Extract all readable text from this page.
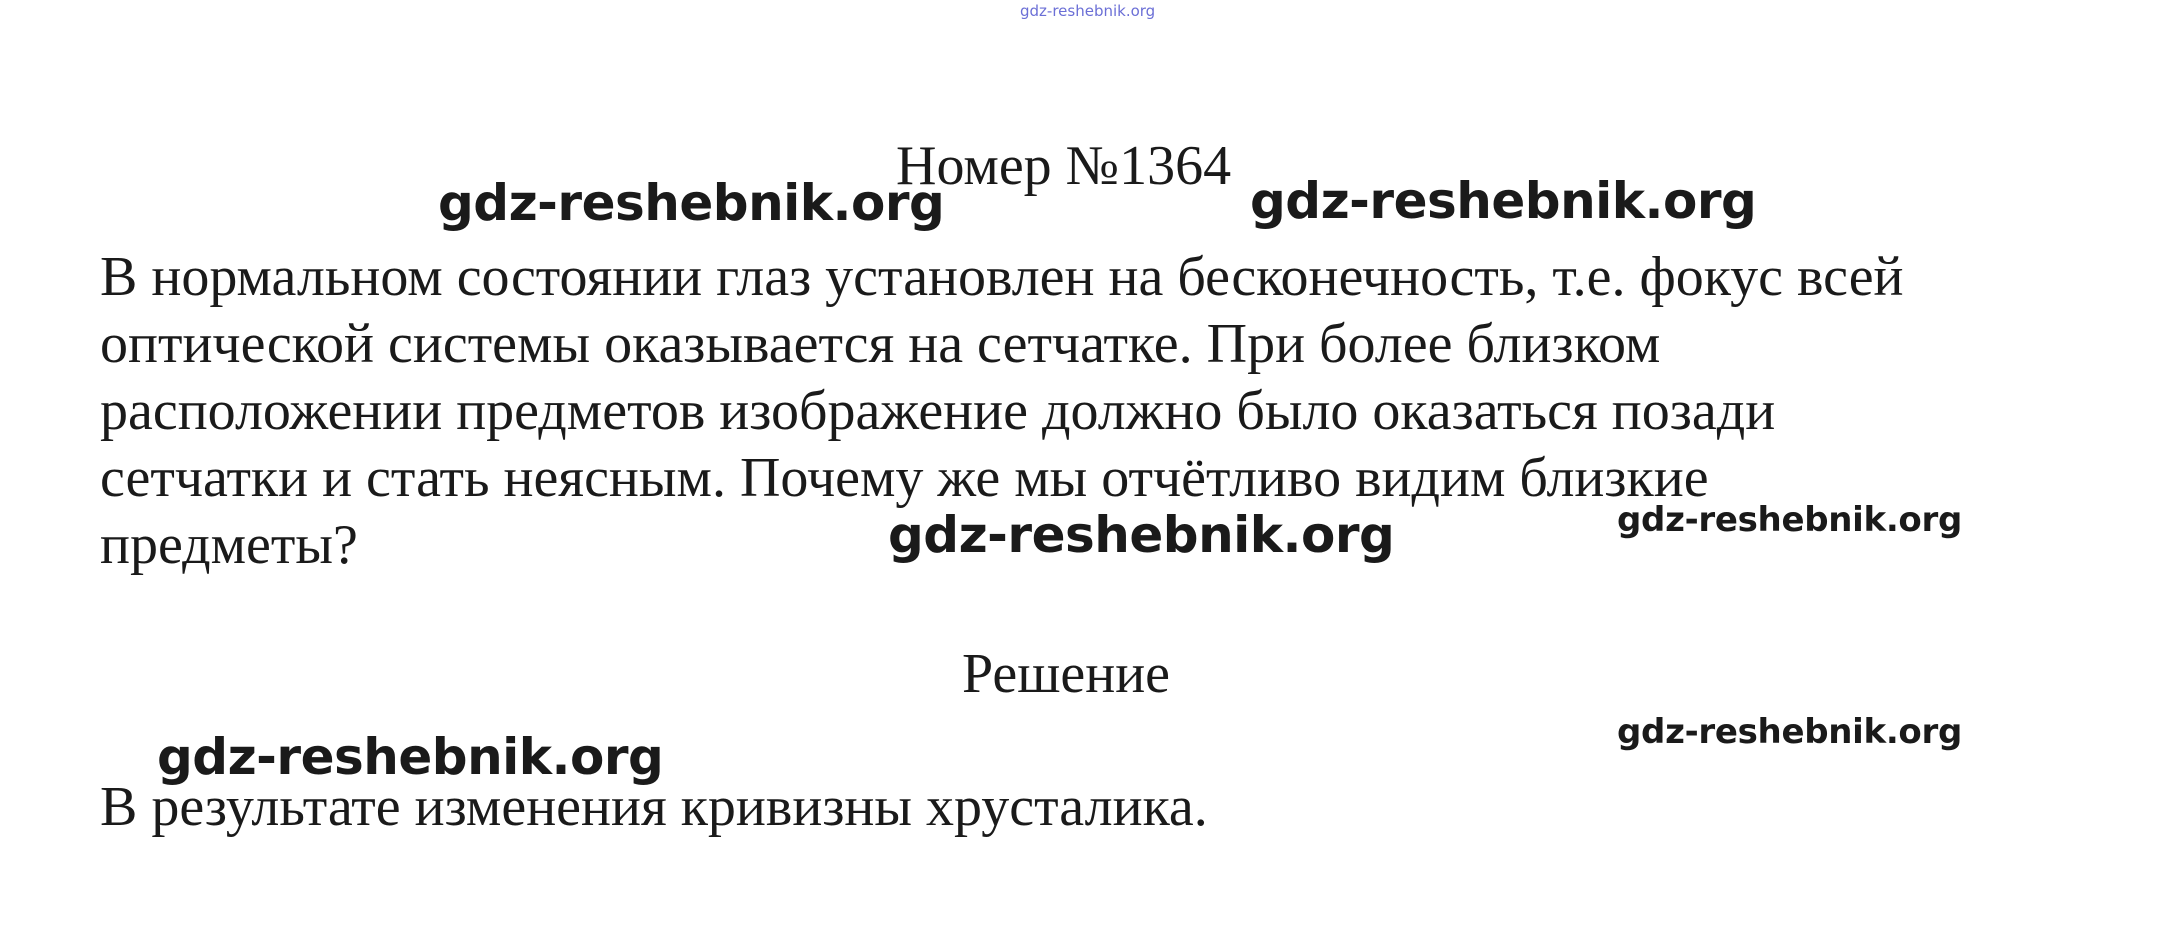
gdz-reshebnik.org
Номер №1364
gdz-reshebnik.org	gdz-reshebnik.org
В нормальном состоянии глаз установлен на бесконечность, т.е. фокус всей
оптической системы оказывается на сетчатке. При более близком
расположении предметов изображение должно было оказаться позади
сетчатки и стать неясным. Почему же мы отчётливо видим близкие
предметы?	gdz-reshebnik.org	gdz-reshebnik.org
Решение
gdz-reshebnik.org
В результате изменения кривизны хрусталика.
gdz-reshebnik.org
